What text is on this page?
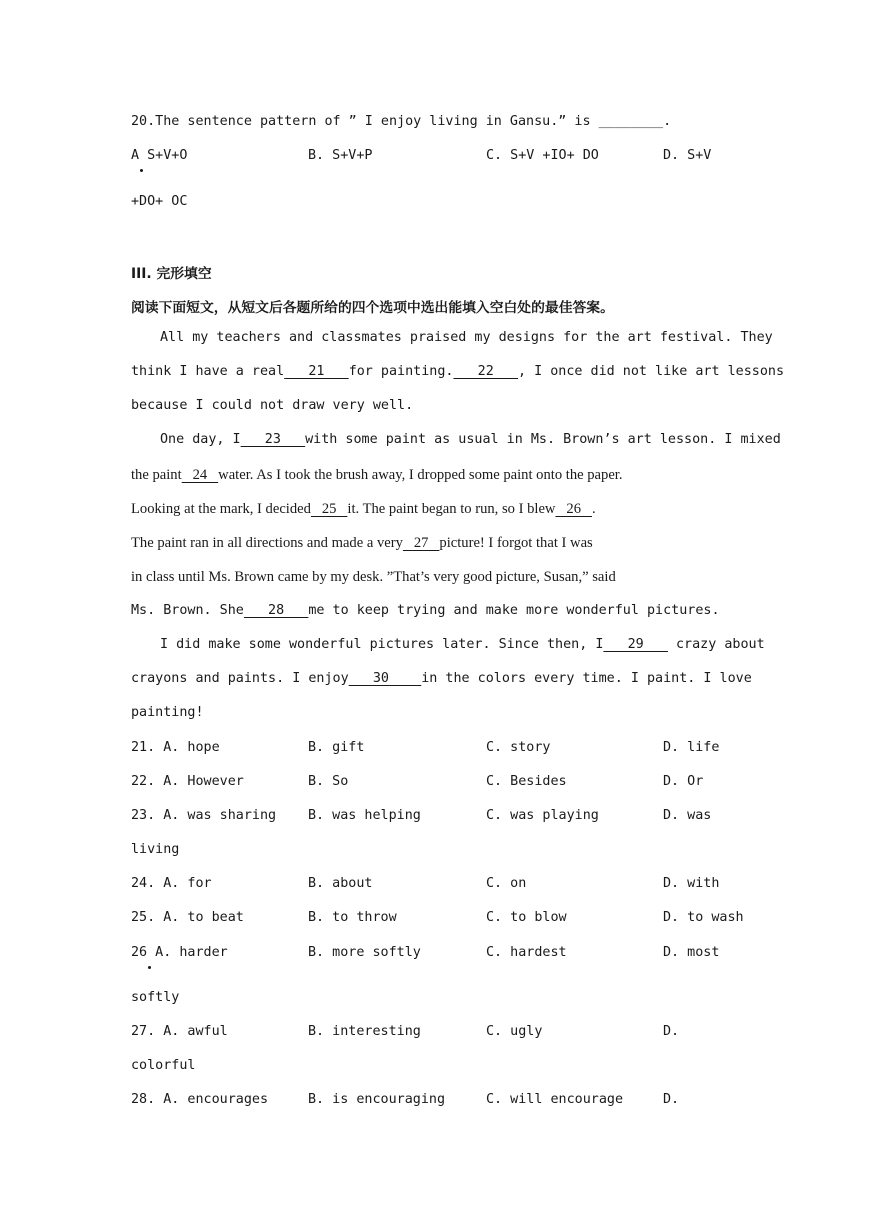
20.The sentence pattern of ” I enjoy living in Gansu.” is ________.
A S+V+O	B. S+V+P	C. S+V +IO+ DO	D. S+V
+DO+ OC
III. 完形填空
阅读下面短文，从短文后各题所给的四个选项中选出能填入空白处的最佳答案。
All my teachers and classmates praised my designs for the art festival. They
think I have a real   21   for painting.   22   , I once did not like art lessons
because I could not draw very well.
One day, I   23   with some paint as usual in Ms. Brown’s art lesson. I mixed
the paint   24   water. As I took the brush away, I dropped some paint onto the paper.
Looking at the mark, I decided   25   it. The paint began to run, so I blew   26   .
The paint ran in all directions and made a very   27   picture! I forgot that I was
in class until Ms. Brown came by my desk. ”That’s very good picture, Susan,” said
Ms. Brown. She   28   me to keep trying and make more wonderful pictures.
I did make some wonderful pictures later. Since then, I   29    crazy about
crayons and paints. I enjoy   30    in the colors every time. I paint. I love
painting!
21. A. hope	B. gift	C. story	D. life
22. A. However	B. So	C. Besides	D. Or
23. A. was sharing B. was helping	C. was playing	D. was
living
24. A. for	B. about	C. on	D. with
25. A. to beat	B. to throw	C. to blow	D. to wash
26 A. harder	B. more softly	C. hardest	D. most
softly
27. A. awful	B. interesting	C. ugly	D.
colorful
28. A. encourages	B. is encouraging	C. will encourage	D.
